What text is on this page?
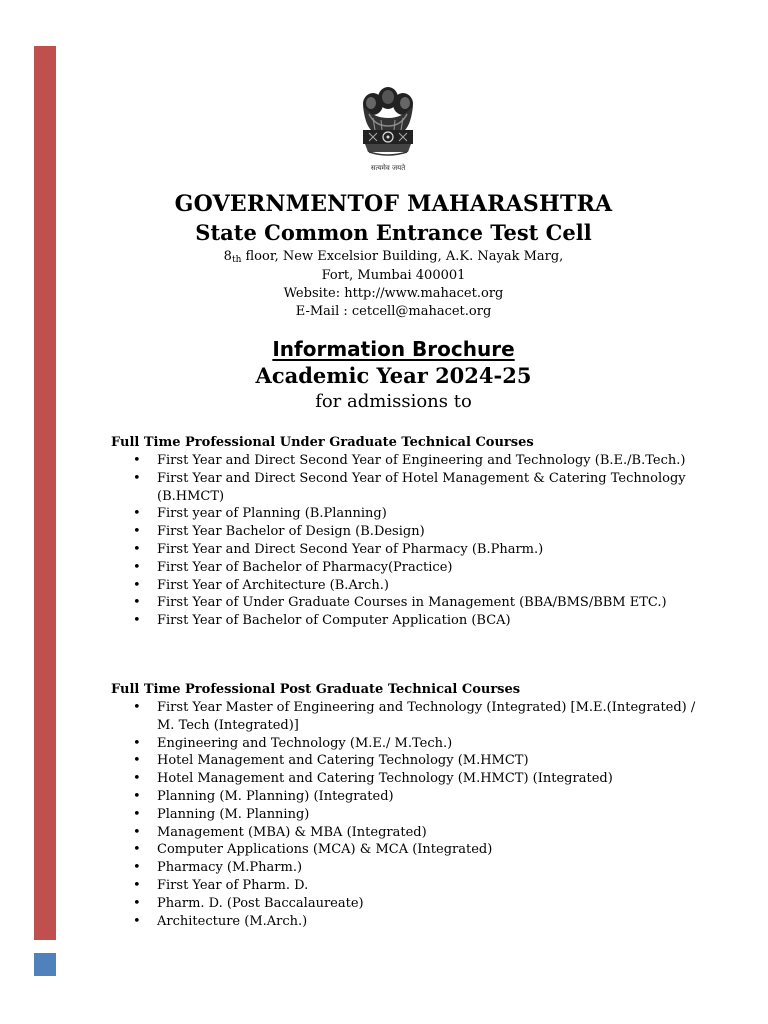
सत्यमेव जयते
GOVERNMENTOF MAHARASHTRA
State Common Entrance Test Cell
$8_{th}$ floor, New Excelsior Building, A.K. Nayak Marg,
Fort, Mumbai 400001
Website: http://www.mahacet.org
E-Mail : cetcell@mahacet.org
Information Brochure
Academic Year 2024-25
for admissions to
Full Time Professional Under Graduate Technical Courses
• First Year and Direct Second Year of Engineering and Technology (B.E./B.Tech.)
• First Year and Direct Second Year of Hotel Management & Catering Technology (B.HMCT)
• First year of Planning (B.Planning)
• First Year Bachelor of Design (B.Design)
• First Year and Direct Second Year of Pharmacy (B.Pharm.)
• First Year of Bachelor of Pharmacy(Practice)
• First Year of Architecture (B.Arch.)
• First Year of Under Graduate Courses in Management (BBA/BMS/BBM ETC.)
• First Year of Bachelor of Computer Application (BCA)
Full Time Professional Post Graduate Technical Courses
• First Year Master of Engineering and Technology (Integrated) [M.E.(Integrated) / M. Tech (Integrated)]
• Engineering and Technology (M.E./ M.Tech.)
• Hotel Management and Catering Technology (M.HMCT)
• Hotel Management and Catering Technology (M.HMCT) (Integrated)
• Planning (M. Planning) (Integrated)
• Planning (M. Planning)
• Management (MBA) & MBA (Integrated)
• Computer Applications (MCA) & MCA (Integrated)
• Pharmacy (M.Pharm.)
• First Year of Pharm. D.
• Pharm. D. (Post Baccalaureate)
• Architecture (M.Arch.)
